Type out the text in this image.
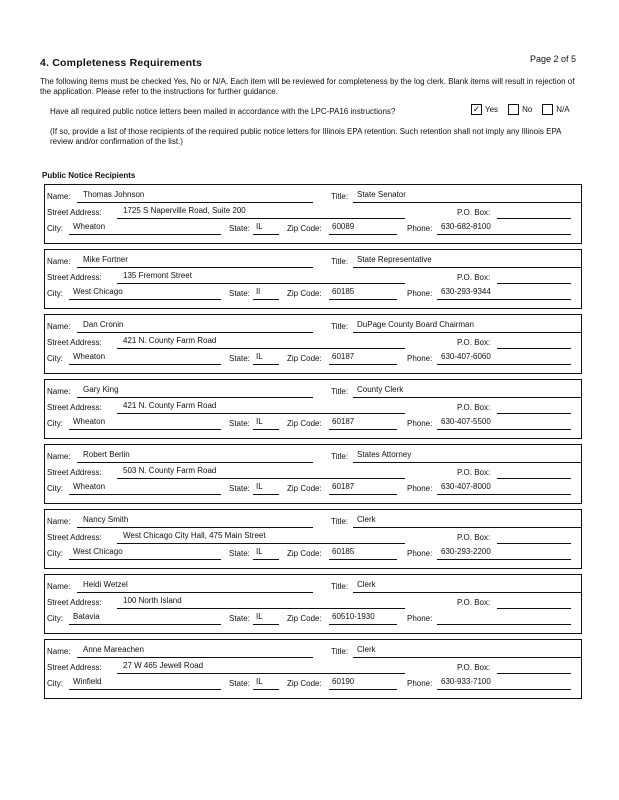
Page 2 of 5
4. Completeness Requirements
The following items must be checked Yes, No or N/A. Each item will be reviewed for completeness by the log clerk. Blank items will result in rejection of the application. Please refer to the instructions for further guidance.
Have all required public notice letters been mailed in accordance with the LPC-PA16 instructions?	✓ Yes	No	N/A
(If so, provide a list of those recipients of the required public notice letters for Illinois EPA retention. Such retention shall not imply any Illinois EPA review and/or confirmation of the list.)
Public Notice Recipients
Name: Thomas Johnson	Title: State Senator
Street Address:	1725 S Naperville Road, Suite 200	P.O. Box:
City: Wheaton	State: IL	Zip Code: 60089	Phone: 630-682-8100
Name: Mike Fortner	Title: State Representative
Street Address:	135 Fremont Street	P.O. Box:
City: West Chicago	State: Il	Zip Code: 60185	Phone: 630-293-9344
Name: Dan Cronin	Title: DuPage County Board Chairman
Street Address:	421 N. County Farm Road	P.O. Box:
City: Wheaton	State: IL	Zip Code: 60187	Phone: 630-407-6060
Name: Gary King	Title: County Clerk
Street Address:	421 N. County Farm Road	P.O. Box:
City: Wheaton	State: IL	Zip Code: 60187	Phone: 630-407-5500
Name: Robert Berlin	Title: States Attorney
Street Address:	503 N. County Farm Road	P.O. Box:
City: Wheaton	State: IL	Zip Code: 60187	Phone: 630-407-8000
Name: Nancy Smith	Title: Clerk
Street Address:	West Chicago City Hall, 475 Main Street	P.O. Box:
City: West Chicago	State: IL	Zip Code: 60185	Phone: 630-293-2200
Name: Heidi Wetzel	Title: Clerk
Street Address:	100 North Island	P.O. Box:
City: Batavia	State: IL	Zip Code: 60510-1930	Phone:
Name: Anne Mareachen	Title: Clerk
Street Address:	27 W 465 Jewell Road	P.O. Box:
City: Winfield	State: IL	Zip Code: 60190	Phone: 630-933-7100
